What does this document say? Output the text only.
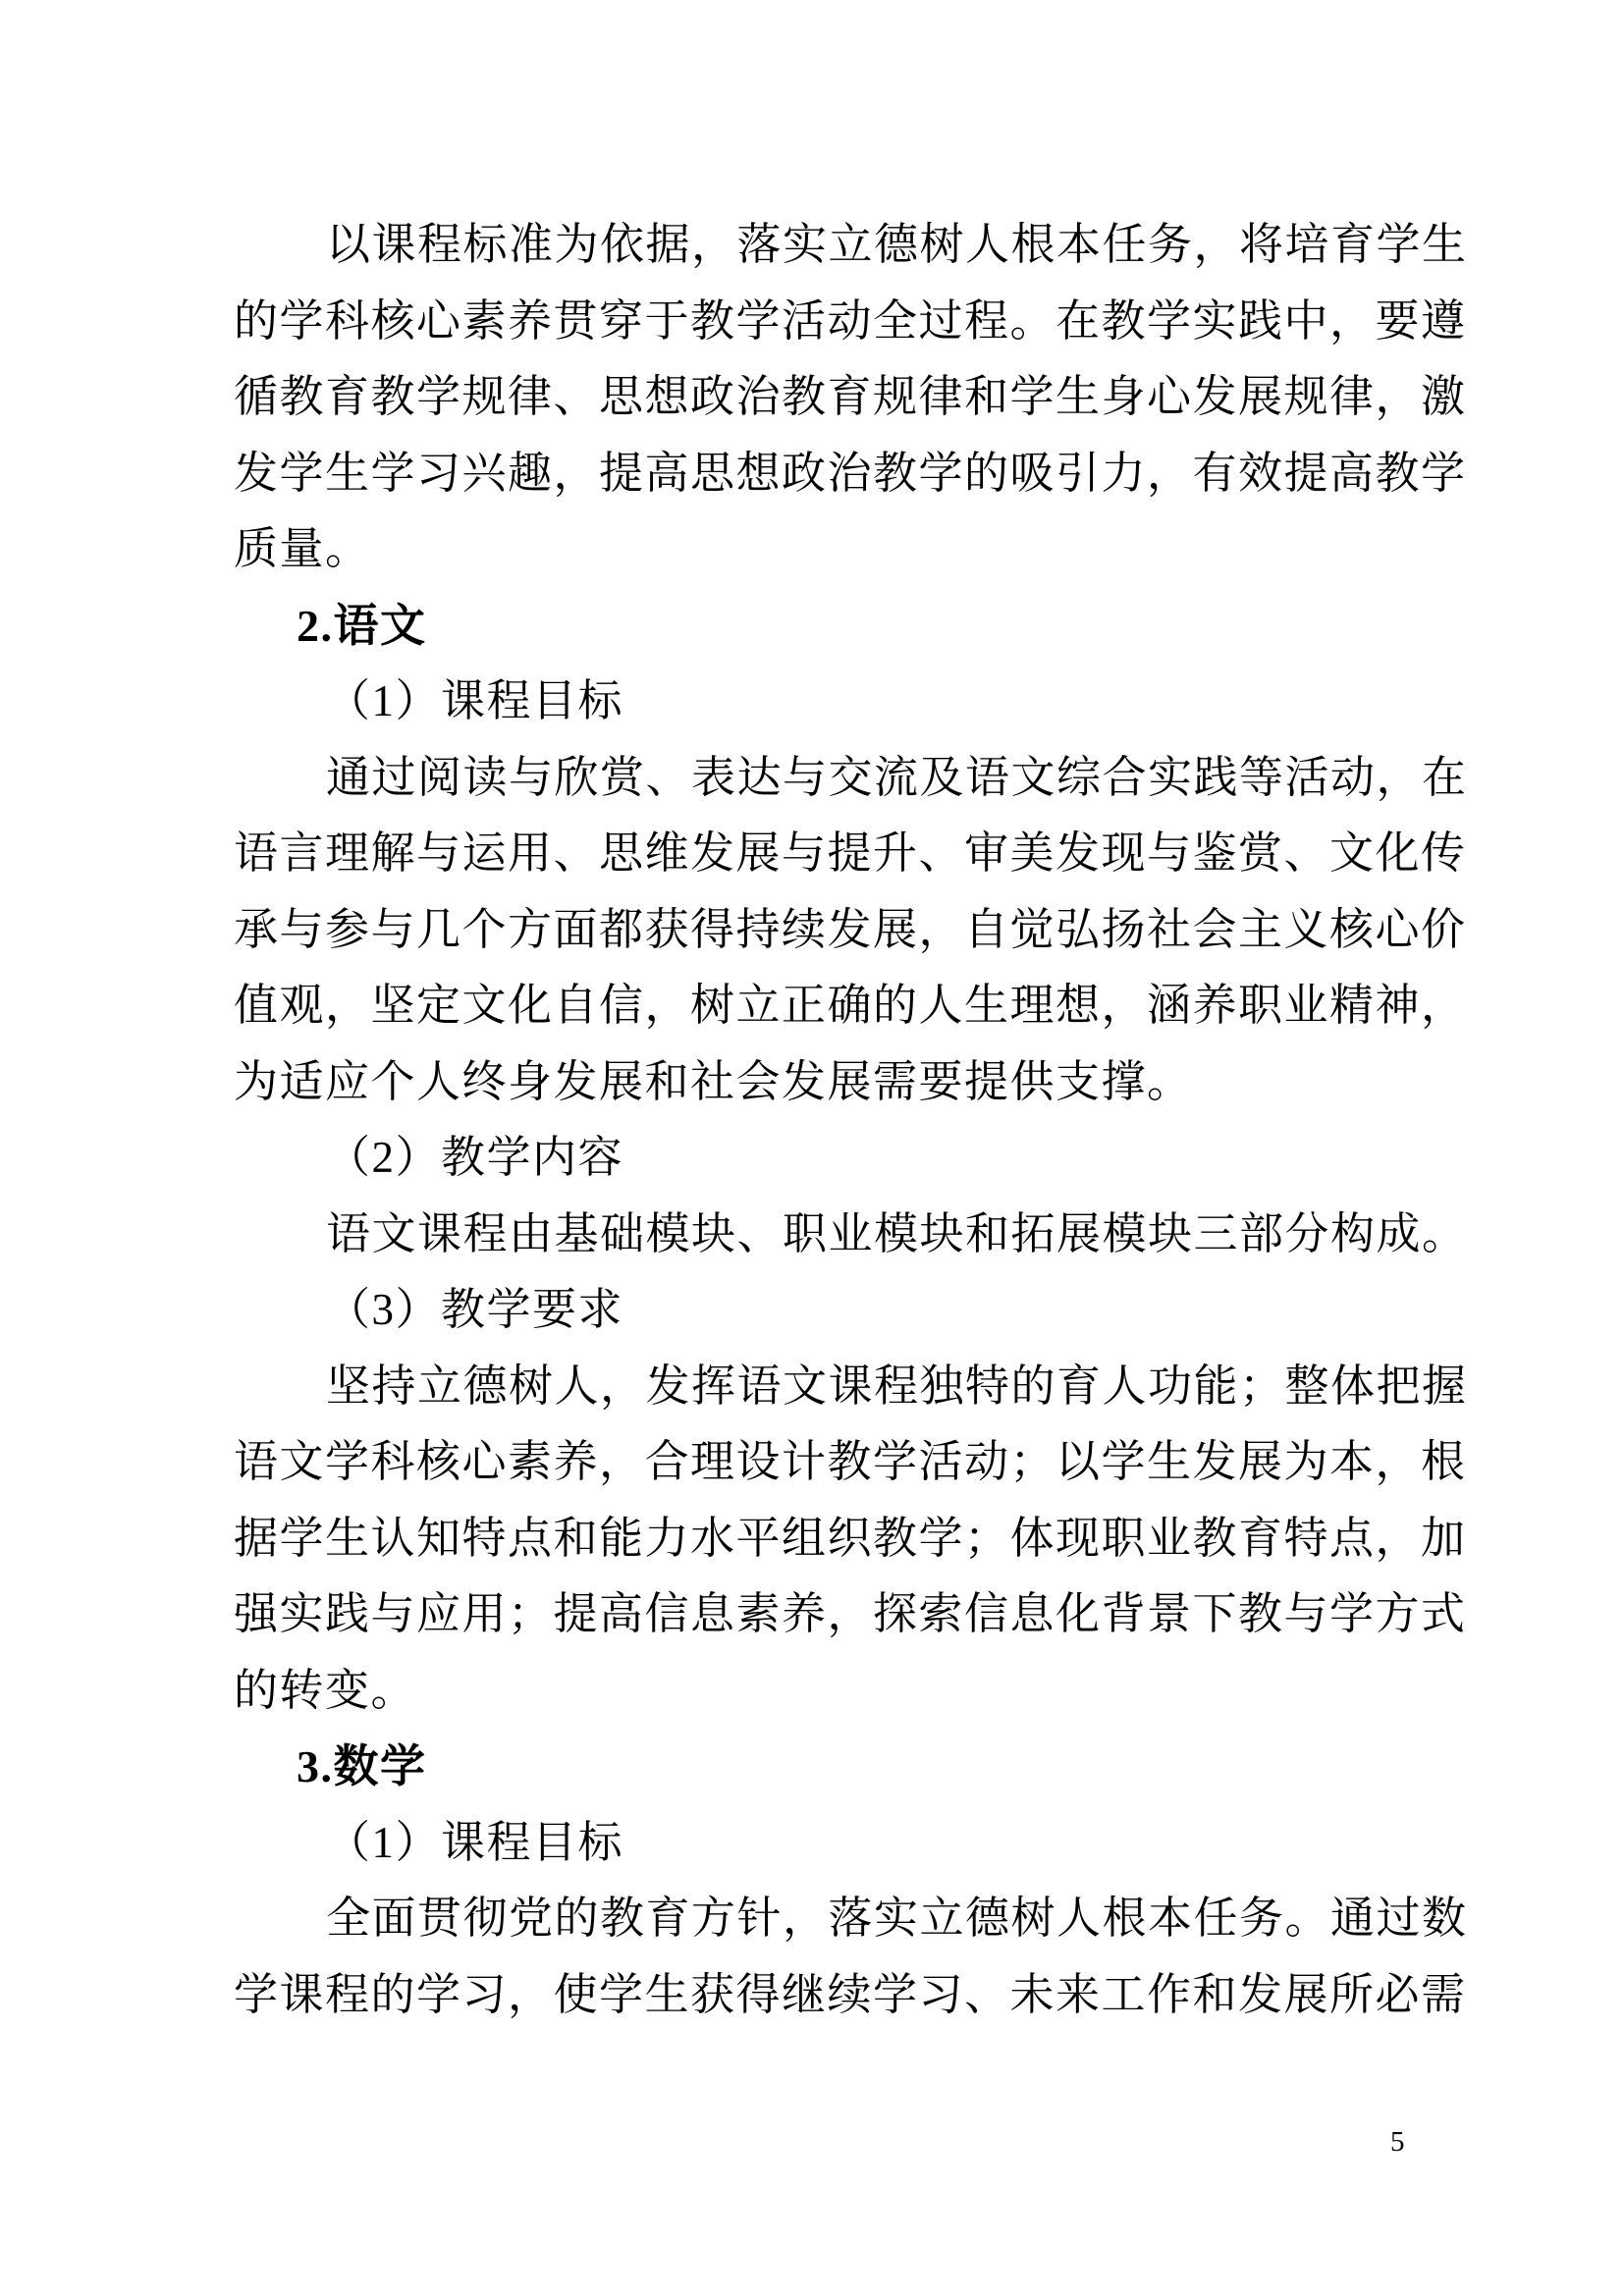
以课程标准为依据，落实立德树人根本任务，将培育学生
的学科核心素养贯穿于教学活动全过程。在教学实践中，要遵
循教育教学规律、思想政治教育规律和学生身心发展规律，激
发学生学习兴趣，提高思想政治教学的吸引力，有效提高教学
质量。
2.语文
（1）课程目标
通过阅读与欣赏、表达与交流及语文综合实践等活动，在
语言理解与运用、思维发展与提升、审美发现与鉴赏、文化传
承与参与几个方面都获得持续发展，自觉弘扬社会主义核心价
值观，坚定文化自信，树立正确的人生理想，涵养职业精神，
为适应个人终身发展和社会发展需要提供支撑。
（2）教学内容
语文课程由基础模块、职业模块和拓展模块三部分构成。
（3）教学要求
坚持立德树人，发挥语文课程独特的育人功能；整体把握
语文学科核心素养，合理设计教学活动；以学生发展为本，根
据学生认知特点和能力水平组织教学；体现职业教育特点，加
强实践与应用；提高信息素养，探索信息化背景下教与学方式
的转变。
3.数学
（1）课程目标
全面贯彻党的教育方针，落实立德树人根本任务。通过数
学课程的学习，使学生获得继续学习、未来工作和发展所必需
5
